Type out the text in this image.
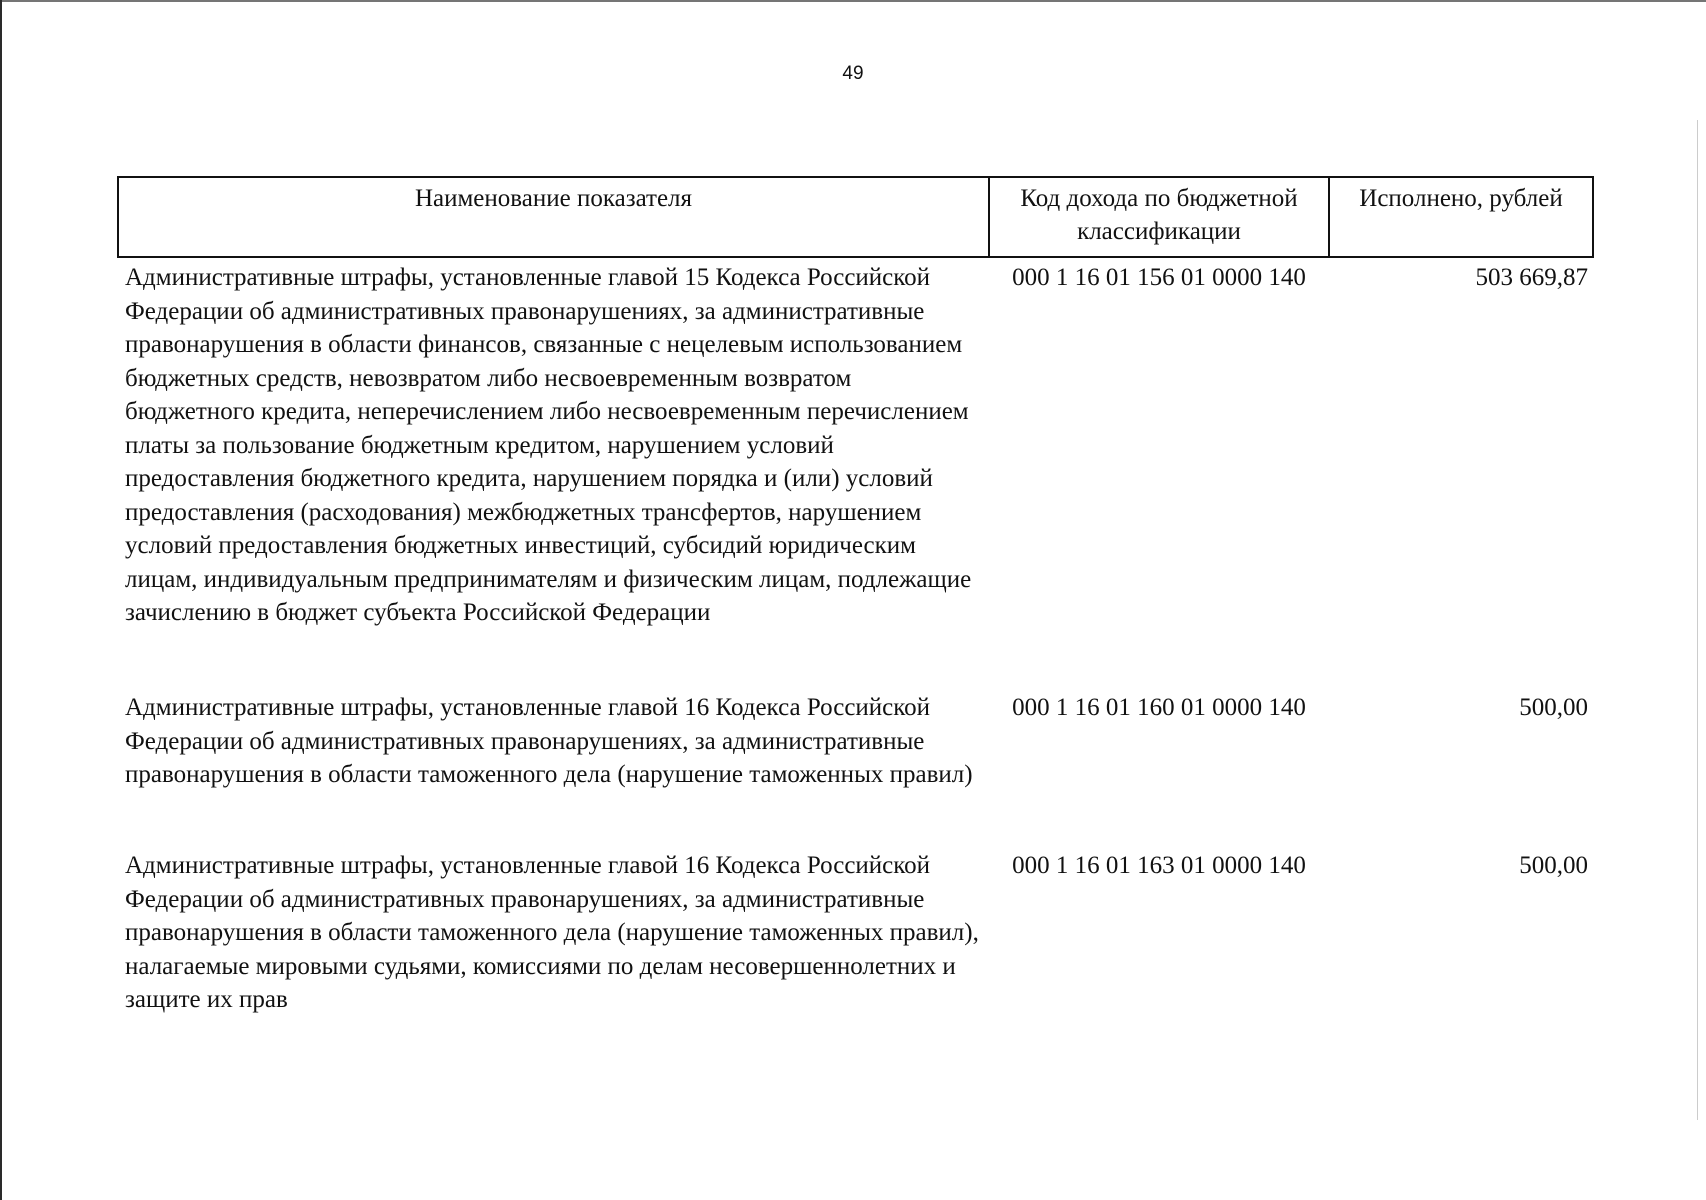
49
Наименование показателя	Код дохода по бюджетной классификации	Исполнено, рублей
Административные штрафы, установленные главой 15 Кодекса Российской Федерации об административных правонарушениях, за административные правонарушения в области финансов, связанные с нецелевым использованием бюджетных средств, невозвратом либо несвоевременным возвратом бюджетного кредита, неперечислением либо несвоевременным перечислением платы за пользование бюджетным кредитом, нарушением условий предоставления бюджетного кредита, нарушением порядка и (или) условий предоставления (расходования) межбюджетных трансфертов, нарушением условий предоставления бюджетных инвестиций, субсидий юридическим лицам, индивидуальным предпринимателям и физическим лицам, подлежащие зачислению в бюджет субъекта Российской Федерации	000 1 16 01 156 01 0000 140	503 669,87
Административные штрафы, установленные главой 16 Кодекса Российской Федерации об административных правонарушениях, за административные правонарушения в области таможенного дела (нарушение таможенных правил)	000 1 16 01 160 01 0000 140	500,00
Административные штрафы, установленные главой 16 Кодекса Российской Федерации об административных правонарушениях, за административные правонарушения в области таможенного дела (нарушение таможенных правил), налагаемые мировыми судьями, комиссиями по делам несовершеннолетних и защите их прав	000 1 16 01 163 01 0000 140	500,00
